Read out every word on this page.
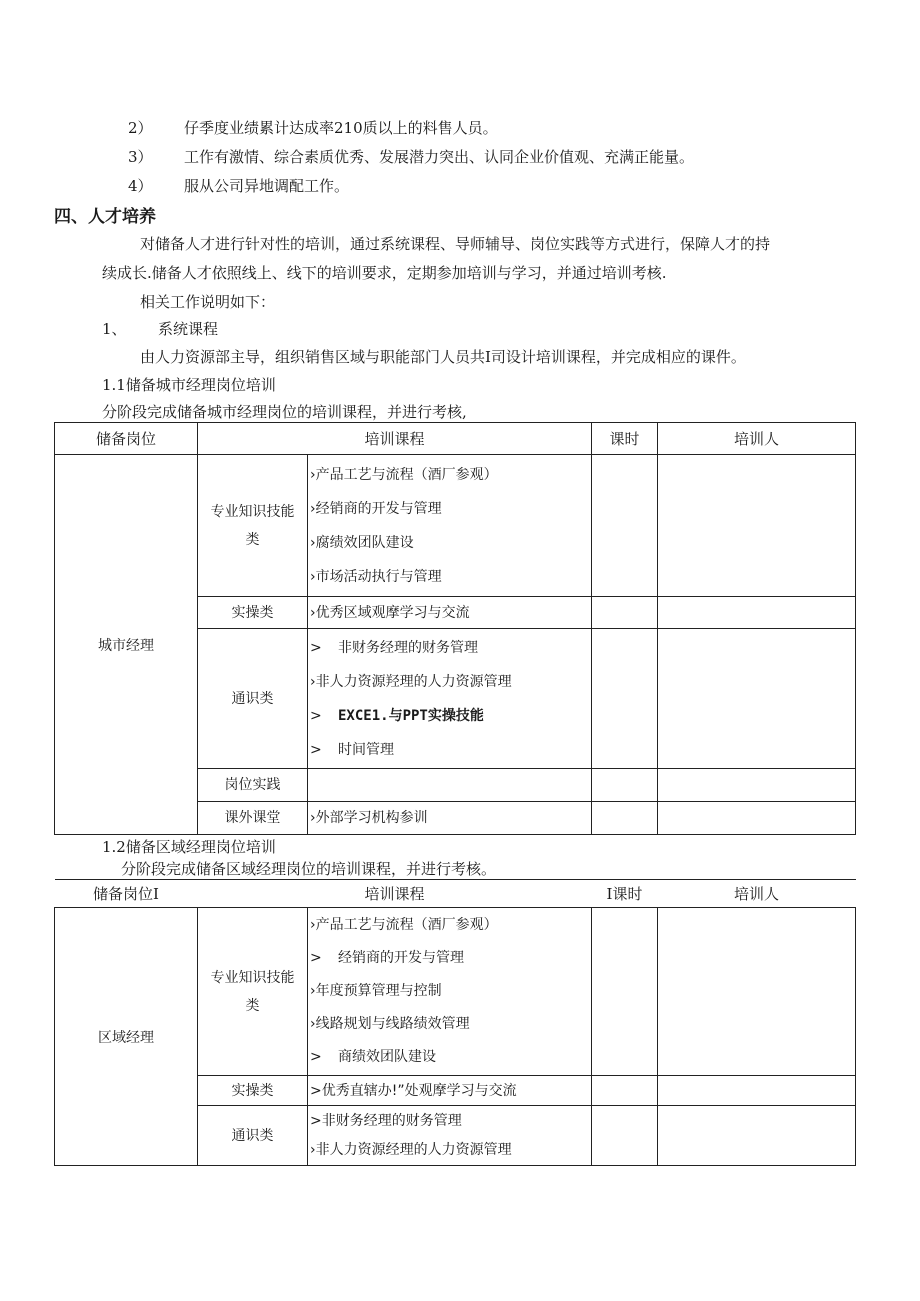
2） 仔季度业绩累计达成率210质以上的料售人员。
3） 工作有激情、综合素质优秀、发展潜力突出、认同企业价值观、充满正能量。
4） 服从公司异地调配工作。
四、人才培养
对储备人才进行针对性的培训，通过系统课程、导师辅导、岗位实践等方式进行，保障人才的持
续成长.储备人才依照线上、线下的培训要求，定期参加培训与学习，并通过培训考核.
相关工作说明如下：
1、 系统课程
由人力资源部主导，组织销售区域与职能部门人员共I司设计培训课程，并完成相应的课件。
1.1储备城市经理岗位培训
分阶段完成储备城市经理岗位的培训课程，并进行考核,
储备岗位	培训课程		课时	培训人
城市经理	专业知识技能类	›产品工艺与流程（酒厂参观）
›经销商的开发与管理
›腐绩效团队建设
›市场活动执行与管理		

	实操类	›优秀区域观摩学习与交流		

	通识类	> 非财务经理的财务管理
›非人力资源羟理的人力资源管理
> EXCE1.与PPT实操技能
> 时间管理		

	岗位实践			
	课外课堂	›外部学习机构参训		

1.2储备区域经理岗位培训
分阶段完成储备区域经理岗位的培训课程，并进行考核。
储备岗位I	培训课程		I课时	培训人
区域经理	专业知识技能类	›产品工艺与流程（酒厂参观）
> 经销商的开发与管理
›年度预算管理与控制
›线路规划与线路绩效管理
> 商绩效团队建设		

	实操类	>优秀直辖办!”处观摩学习与交流		

	通识类	>非财务经理的财务管理
›非人力资源经理的人力资源管理		
